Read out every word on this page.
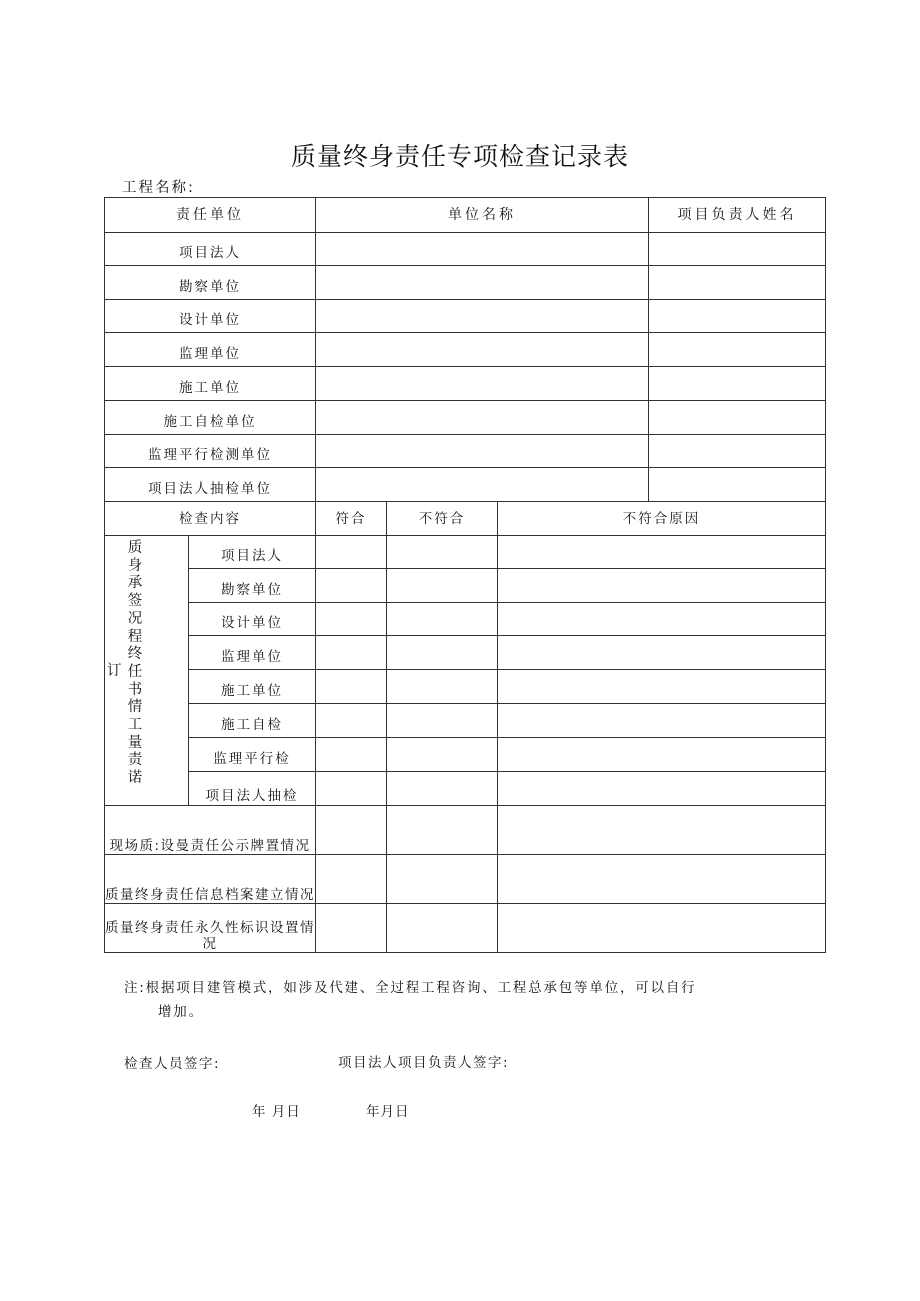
质量终身责任专项检查记录表
工程名称:
责任单位		单位名称			项目负责人姓名
项目法人					
勘察单位					
设计单位					
监理单位					
施工单位					
施工自检单位					
监理平行检测单位					
项目法人抽检单位					
检查内容		符合	不符合	不符合原因	

质身承签况程终任书情工量责诺
订	项目法人				
	勘察单位				
	设计单位				
	监理单位				
	施工单位				
	施工自检				
	监理平行检				
	项目法人抽检				
现场质:设曼责任公示牌置情况					
质量终身责任信息档案建立情况					
质量终身责任永久性标识设置情况					
注:根据项目建管模式，如涉及代建、全过程工程咨询、工程总承包等单位，可以自行
增加。
检查人员签字:	项目法人项目负责人签字:
年 月日	年月日
